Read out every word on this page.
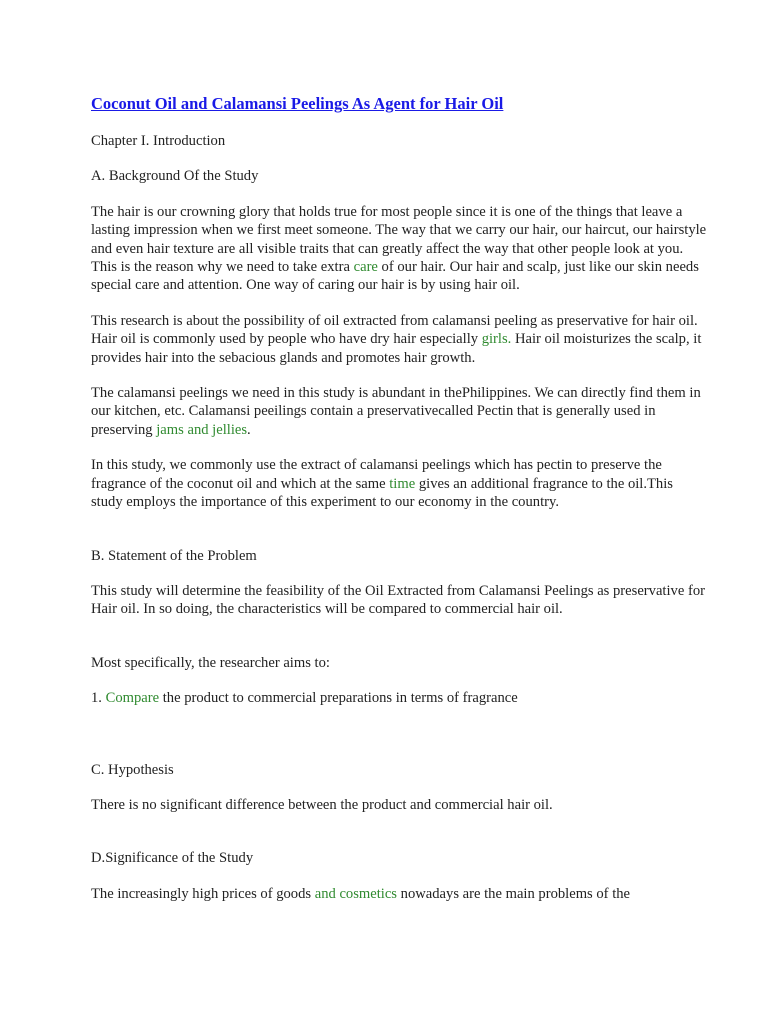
Coconut Oil and Calamansi Peelings As Agent for Hair Oil

Chapter I. Introduction

A. Background Of the Study

The hair is our crowning glory that holds true for most people since it is one of the things that leave a lasting impression when we first meet someone. The way that we carry our hair, our haircut, our hairstyle and even hair texture are all visible traits that can greatly affect the way that other people look at you. This is the reason why we need to take extra care of our hair. Our hair and scalp, just like our skin needs special care and attention. One way of caring our hair is by using hair oil.

This research is about the possibility of oil extracted from calamansi peeling as preservative for hair oil. Hair oil is commonly used by people who have dry hair especially girls. Hair oil moisturizes the scalp, it provides hair into the sebacious glands and promotes hair growth.

The calamansi peelings we need in this study is abundant in thePhilippines. We can directly find them in our kitchen, etc. Calamansi peeilings contain a preservativecalled Pectin that is generally used in preserving jams and jellies.

In this study, we commonly use the extract of calamansi peelings which has pectin to preserve the fragrance of the coconut oil and which at the same time gives an additional fragrance to the oil.This study employs the importance of this experiment to our economy in the country.

B. Statement of the Problem

This study will determine the feasibility of the Oil Extracted from Calamansi Peelings as preservative for Hair oil. In so doing, the characteristics will be compared to commercial hair oil.

Most specifically, the researcher aims to:

1. Compare the product to commercial preparations in terms of fragrance

C. Hypothesis

There is no significant difference between the product and commercial hair oil.

D.Significance of the Study

The increasingly high prices of goods and cosmetics nowadays are the main problems of the
